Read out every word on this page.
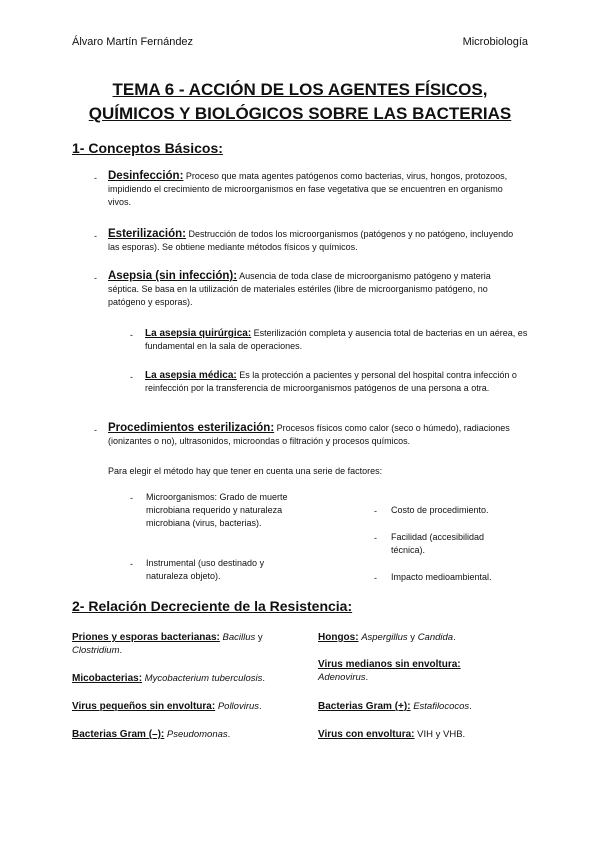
Álvaro Martín Fernández	Microbiología
TEMA 6 - ACCIÓN DE LOS AGENTES FÍSICOS,
QUÍMICOS Y BIOLÓGICOS SOBRE LAS BACTERIAS
1- Conceptos Básicos:
- Desinfección: Proceso que mata agentes patógenos como bacterias, virus, hongos, protozoos, impidiendo el crecimiento de microorganismos en fase vegetativa que se encuentren en organismo vivos.
- Esterilización: Destrucción de todos los microorganismos (patógenos y no patógeno, incluyendo las esporas). Se obtiene mediante métodos físicos y químicos.
- Asepsia (sin infección): Ausencia de toda clase de microorganismo patógeno y materia séptica. Se basa en la utilización de materiales estériles (libre de microorganismo patógeno, no patógeno y esporas).
- La asepsia quirúrgica: Esterilización completa y ausencia total de bacterias en un aérea, es fundamental en la sala de operaciones.
- La asepsia médica: Es la protección a pacientes y personal del hospital contra infección o reinfección por la transferencia de microorganismos patógenos de una persona a otra.
- Procedimientos esterilización: Procesos físicos como calor (seco o húmedo), radiaciones (ionizantes o no), ultrasonidos, microondas o filtración y procesos químicos.
Para elegir el método hay que tener en cuenta una serie de factores:
- Microorganismos: Grado de muerte microbiana requerido y naturaleza microbiana (virus, bacterias).
- Instrumental (uso destinado y naturaleza objeto).
- Costo de procedimiento.
- Facilidad (accesibilidad técnica).
- Impacto medioambiental.
2- Relación Decreciente de la Resistencia:
Priones y esporas bacterianas: Bacillus y Clostridium.
Micobacterias: Mycobacterium tuberculosis.
Virus pequeños sin envoltura: Pollovirus.
Bacterias Gram (–): Pseudomonas.
Hongos: Aspergillus y Candida.
Virus medianos sin envoltura:
Adenovirus.
Bacterias Gram (+): Estafilococos.
Virus con envoltura: VIH y VHB.
